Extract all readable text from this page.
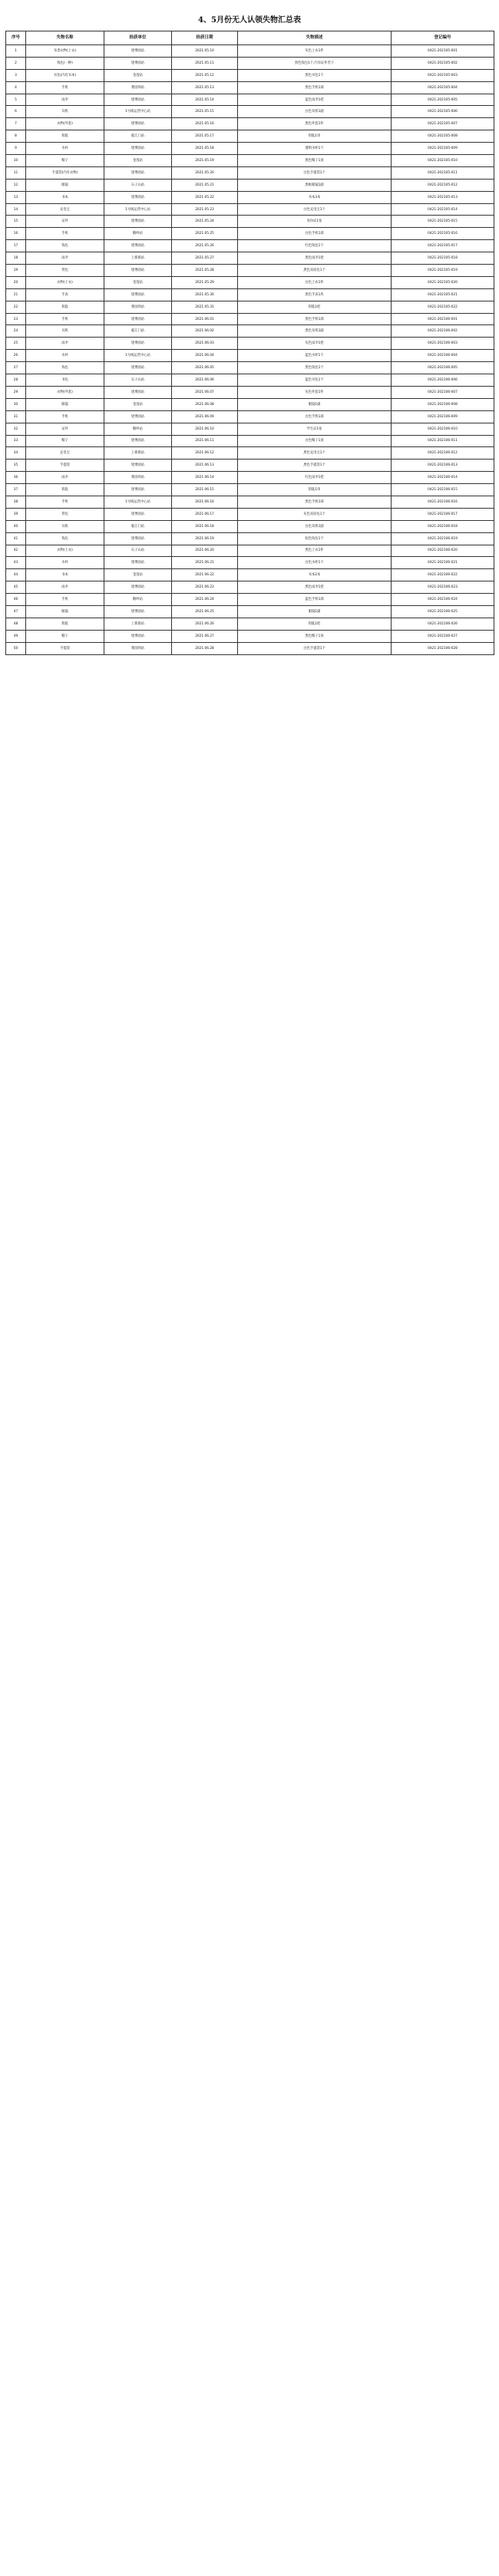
4、5月份无人认领失物汇总表
序号	失物名称	拾获单位	拾获日期	失物描述	登记编号
1	布类衣物(上衣)	迷博园站	2021.05.10	灰色上衣1件	0421-202105-001
2	钱包(一种)	迷博园站	2021.05.11	黑色钱包1个,内有证件若干	0421-202105-002
3	书包(内有书本)	金莲站	2021.05.12	黑色书包1个	0421-202105-003
4	手机	菜园坝站	2021.05.13	黑色手机1部	0421-202105-004
5	雨伞	迷博园站	2021.05.14	蓝色雨伞1把	0421-202105-005
6	耳机	1号线运营中心站	2021.05.15	白色耳机1副	0421-202105-006
7	衣物(外套)	迷博园站	2021.05.16	黑色外套1件	0421-202105-007
8	钥匙	临江门站	2021.05.17	钥匙1串	0421-202105-008
9	水杯	迷博园站	2021.05.18	透明水杯1个	0421-202105-009
10	帽子	金莲站	2021.05.19	黑色帽子1顶	0421-202105-010
11	手提袋(内有衣物)	迷博园站	2021.05.20	白色手提袋1个	0421-202105-011
12	眼镜	石子山站	2021.05.21	黑框眼镜1副	0421-202105-012
13	书本	迷博园站	2021.05.22	书本3本	0421-202105-013
14	充电宝	1号线运营中心站	2021.05.23	白色充电宝1个	0421-202105-014
15	证件	迷博园站	2021.05.24	身份证1张	0421-202105-015
16	手机	鹅岭站	2021.05.25	白色手机1部	0421-202105-016
17	钱包	迷博园站	2021.05.26	红色钱包1个	0421-202105-017
18	雨伞	上新街站	2021.05.27	黑色雨伞1把	0421-202105-018
19	背包	迷博园站	2021.05.28	黑色双肩包1个	0421-202105-019
20	衣物(上衣)	金莲站	2021.05.29	白色上衣1件	0421-202105-020
21	手表	迷博园站	2021.05.30	黑色手表1块	0421-202105-021
22	钥匙	菜园坝站	2021.05.31	钥匙1把	0421-202105-022
23	手机	迷博园站	2021.06.01	黑色手机1部	0421-202106-001
24	耳机	临江门站	2021.06.02	黑色耳机1副	0421-202106-002
25	雨伞	迷博园站	2021.06.03	灰色雨伞1把	0421-202106-003
26	水杯	1号线运营中心站	2021.06.04	蓝色水杯1个	0421-202106-004
27	钱包	迷博园站	2021.06.05	黑色钱包1个	0421-202106-005
28	书包	石子山站	2021.06.06	蓝色书包1个	0421-202106-006
29	衣物(外套)	迷博园站	2021.06.07	灰色外套1件	0421-202106-007
30	眼镜	金莲站	2021.06.08	眼镜1副	0421-202106-008
31	手机	迷博园站	2021.06.09	白色手机1部	0421-202106-009
32	证件	鹅岭站	2021.06.10	学生证1张	0421-202106-010
33	帽子	迷博园站	2021.06.11	白色帽子1顶	0421-202106-011
34	充电宝	上新街站	2021.06.12	黑色充电宝1个	0421-202106-012
35	手提袋	迷博园站	2021.06.13	黑色手提袋1个	0421-202106-013
36	雨伞	菜园坝站	2021.06.14	红色雨伞1把	0421-202106-014
37	钥匙	迷博园站	2021.06.15	钥匙1串	0421-202106-015
38	手机	1号线运营中心站	2021.06.16	黑色手机1部	0421-202106-016
39	背包	迷博园站	2021.06.17	灰色双肩包1个	0421-202106-017
40	耳机	临江门站	2021.06.18	白色耳机1副	0421-202106-018
41	钱包	迷博园站	2021.06.19	棕色钱包1个	0421-202106-019
42	衣物(上衣)	石子山站	2021.06.20	黑色上衣1件	0421-202106-020
43	水杯	迷博园站	2021.06.21	白色水杯1个	0421-202106-021
44	书本	金莲站	2021.06.22	书本2本	0421-202106-022
45	雨伞	迷博园站	2021.06.23	黑色雨伞1把	0421-202106-023
46	手机	鹅岭站	2021.06.24	蓝色手机1部	0421-202106-024
47	眼镜	迷博园站	2021.06.25	眼镜1副	0421-202106-025
48	钥匙	上新街站	2021.06.26	钥匙1把	0421-202106-026
49	帽子	迷博园站	2021.06.27	黑色帽子1顶	0421-202106-027
50	手提袋	菜园坝站	2021.06.28	白色手提袋1个	0421-202106-028
